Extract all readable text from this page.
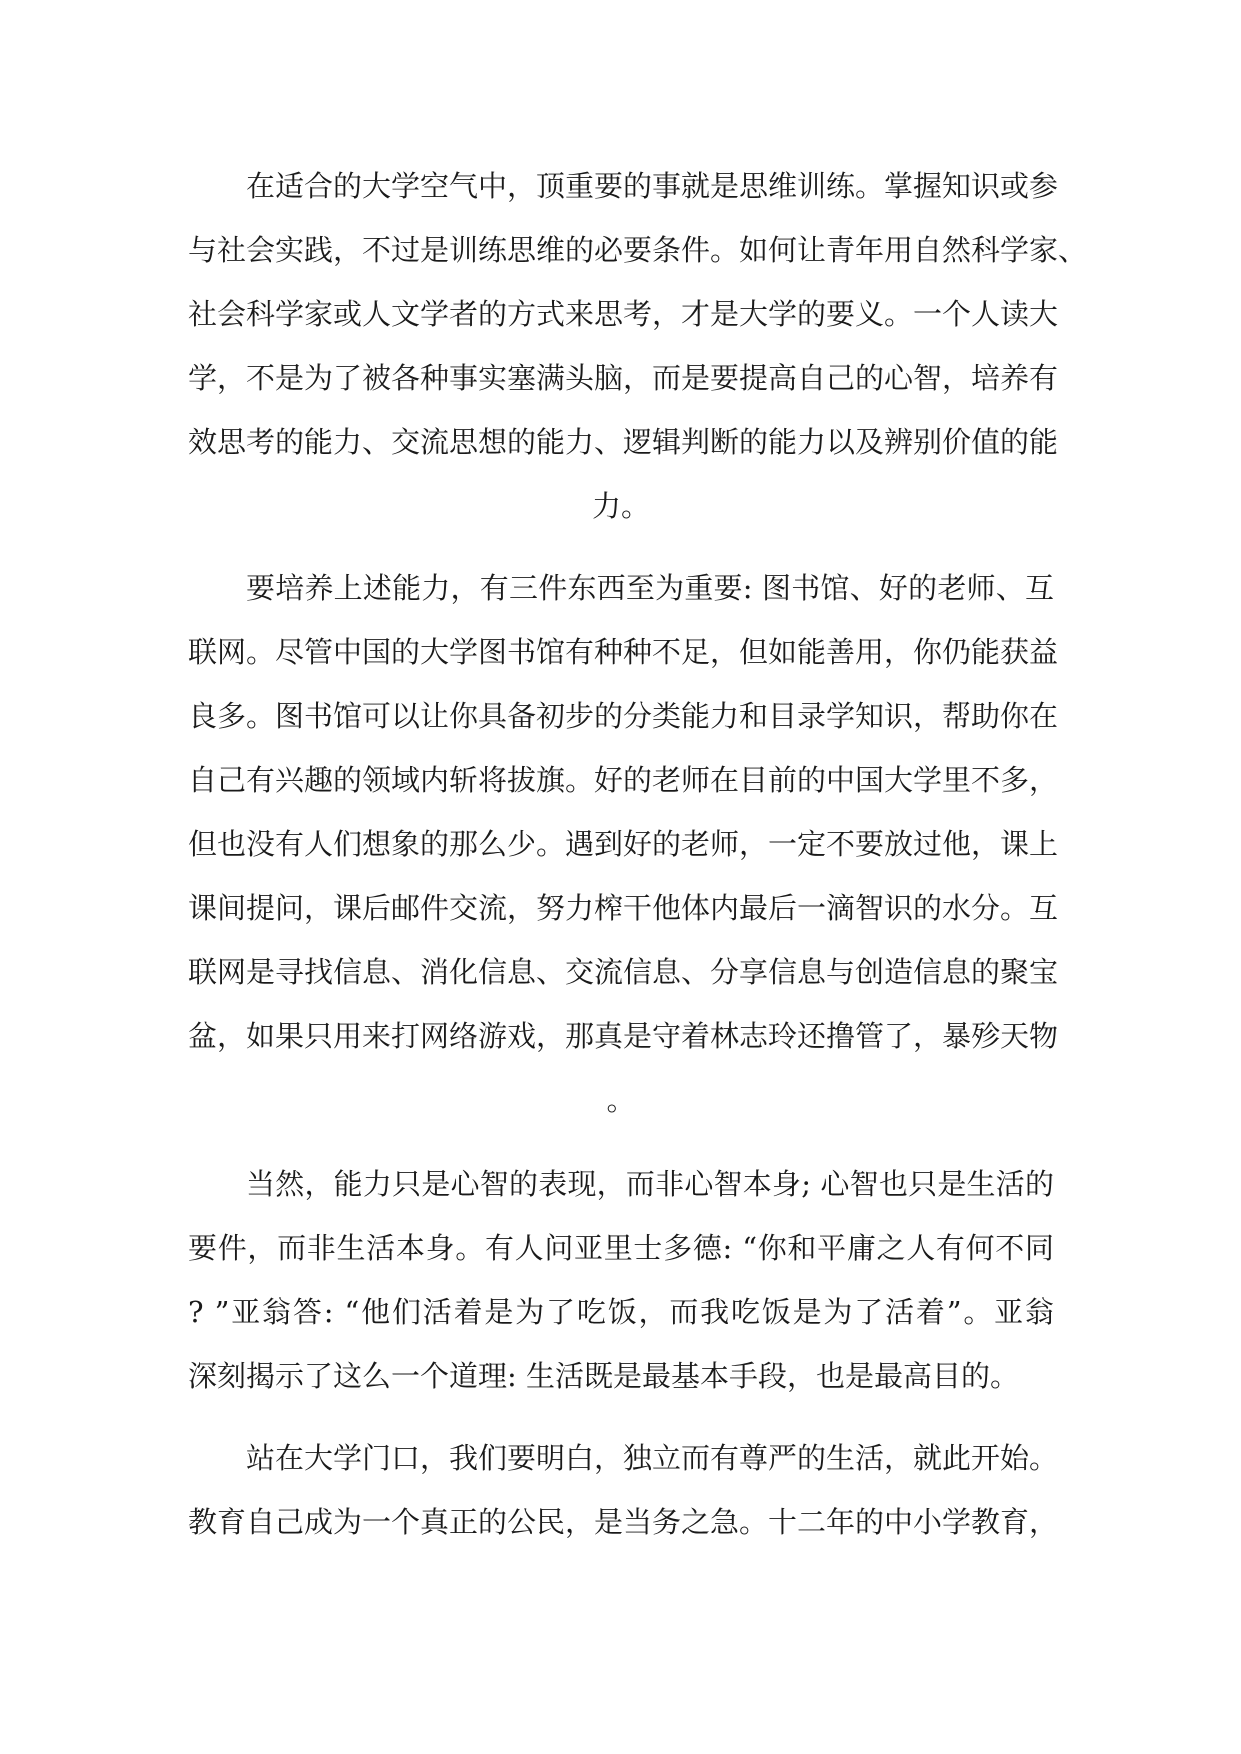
在适合的大学空气中，顶重要的事就是思维训练。掌握知识或参
与社会实践，不过是训练思维的必要条件。如何让青年用自然科学家、
社会科学家或人文学者的方式来思考，才是大学的要义。一个人读大
学，不是为了被各种事实塞满头脑，而是要提高自己的心智，培养有
效思考的能力、交流思想的能力、逻辑判断的能力以及辨别价值的能
力。
要培养上述能力，有三件东西至为重要: 图书馆、好的老师、互
联网。尽管中国的大学图书馆有种种不足，但如能善用，你仍能获益
良多。图书馆可以让你具备初步的分类能力和目录学知识，帮助你在
自己有兴趣的领域内斩将拔旗。好的老师在目前的中国大学里不多，
但也没有人们想象的那么少。遇到好的老师，一定不要放过他，课上
课间提问，课后邮件交流，努力榨干他体内最后一滴智识的水分。互
联网是寻找信息、消化信息、交流信息、分享信息与创造信息的聚宝
盆，如果只用来打网络游戏，那真是守着林志玲还撸管了，暴殄天物
。
当然，能力只是心智的表现，而非心智本身; 心智也只是生活的
要件，而非生活本身。有人问亚里士多德: “你和平庸之人有何不同
? ”亚翁答: “他们活着是为了吃饭，而我吃饭是为了活着”。亚翁
深刻揭示了这么一个道理: 生活既是最基本手段，也是最高目的。
站在大学门口，我们要明白，独立而有尊严的生活，就此开始。
教育自己成为一个真正的公民，是当务之急。十二年的中小学教育，
